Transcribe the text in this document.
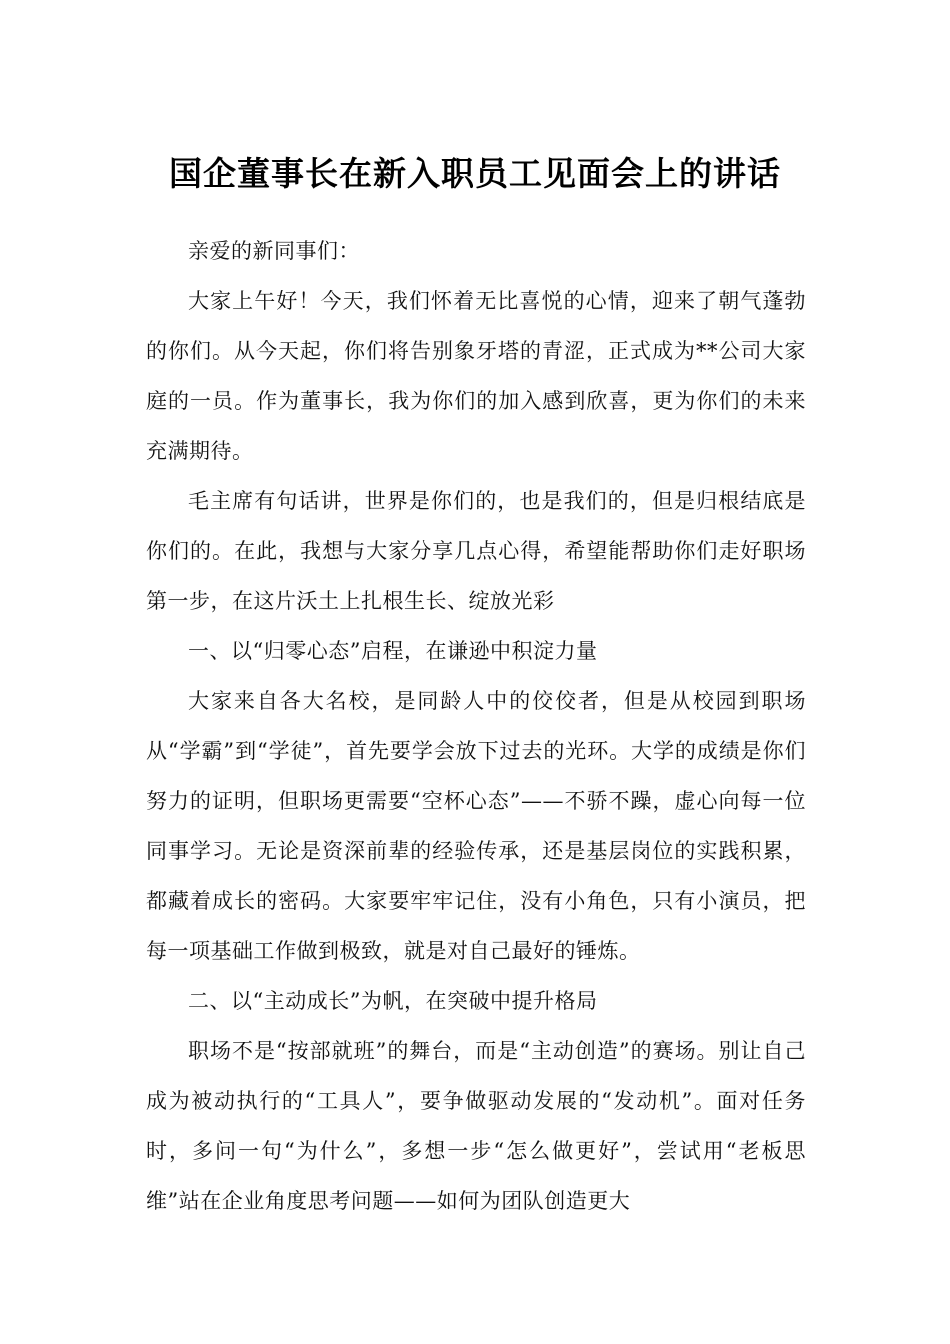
国企董事长在新入职员工见面会上的讲话

亲爱的新同事们：

大家上午好！今天，我们怀着无比喜悦的心情，迎来了朝气蓬勃的你们。从今天起，你们将告别象牙塔的青涩，正式成为**公司大家庭的一员。作为董事长，我为你们的加入感到欣喜，更为你们的未来充满期待。

毛主席有句话讲，世界是你们的，也是我们的，但是归根结底是你们的。在此，我想与大家分享几点心得，希望能帮助你们走好职场第一步，在这片沃土上扎根生长、绽放光彩

一、以“归零心态”启程，在谦逊中积淀力量

大家来自各大名校，是同龄人中的佼佼者，但是从校园到职场从“学霸”到“学徒”，首先要学会放下过去的光环。大学的成绩是你们努力的证明，但职场更需要“空杯心态”——不骄不躁，虚心向每一位同事学习。无论是资深前辈的经验传承，还是基层岗位的实践积累，都藏着成长的密码。大家要牢牢记住，没有小角色，只有小演员，把每一项基础工作做到极致，就是对自己最好的锤炼。

二、以“主动成长”为帆，在突破中提升格局

职场不是“按部就班”的舞台，而是“主动创造”的赛场。别让自己成为被动执行的“工具人”，要争做驱动发展的“发动机”。面对任务时，多问一句“为什么”，多想一步“怎么做更好”，尝试用“老板思维”站在企业角度思考问题——如何为团队创造更大
